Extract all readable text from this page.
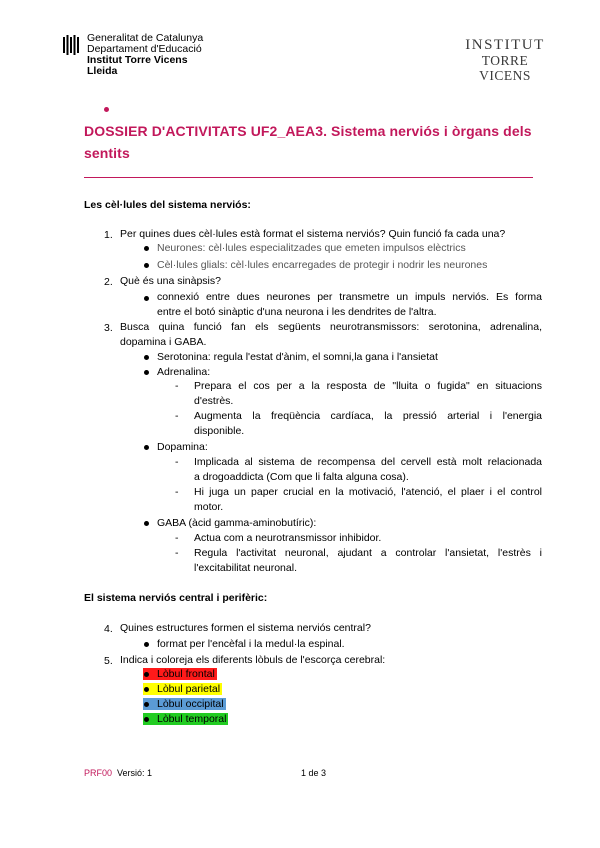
Generalitat de Catalunya
Departament d'Educació
Institut Torre Vicens
Lleida
INSTITUT
TORRE VICENS
DOSSIER D'ACTIVITATS UF2_AEA3. Sistema nerviós i òrgans dels sentits
Les cèl·lules del sistema nerviós:
1. Per quines dues cèl·lules està format el sistema nerviós? Quin funció fa cada una?
Neurones: cèl·lules especialitzades que emeten impulsos elèctrics
Cèl·lules glials: cèl·lules encarregades de protegir i nodrir les neurones
2. Què és una sinàpsis?
connexió entre dues neurones per transmetre un impuls nerviós. Es forma
entre el botó sinàptic d'una neurona i les dendrites de l'altra.
3. Busca quina funció fan els següents neurotransmissors: serotonina, adrenalina,
dopamina i GABA.
Serotonina: regula l'estat d'ànim, el somni,la gana i l'ansietat
Adrenalina:
- Prepara el cos per a la resposta de "lluita o fugida" en situacions
d'estrès.
- Augmenta la freqüència cardíaca, la pressió arterial i l'energia
disponible.
Dopamina:
- Implicada al sistema de recompensa del cervell està molt relacionada
a drogoaddicta (Com que li falta alguna cosa).
- Hi juga un paper crucial en la motivació, l'atenció, el plaer i el control
motor.
GABA (àcid gamma-aminobutíric):
- Actua com a neurotransmissor inhibidor.
- Regula l'activitat neuronal, ajudant a controlar l'ansietat, l'estrès i
l'excitabilitat neuronal.
El sistema nerviós central i perifèric:
4. Quines estructures formen el sistema nerviós central?
format per l'encèfal i la medul·la espinal.
5. Indica i coloreja els diferents lòbuls de l'escorça cerebral:
Lòbul frontal
Lòbul parietal
Lòbul occipital
Lòbul temporal
PRF00 Versió: 1	1 de 3
